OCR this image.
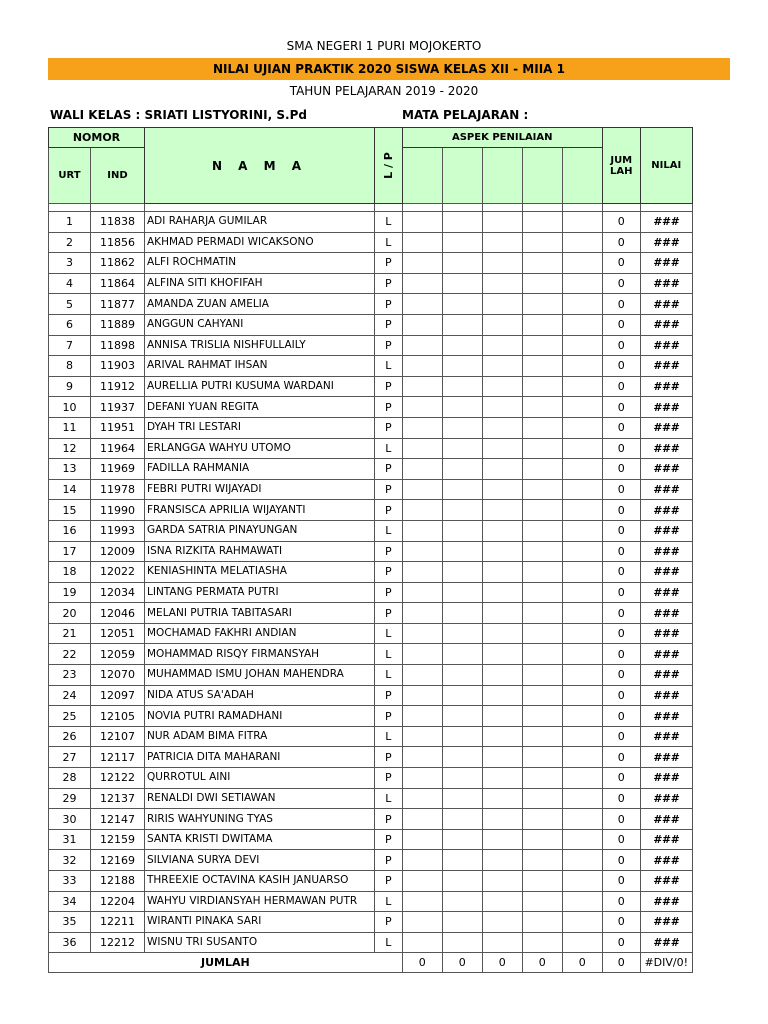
SMA NEGERI 1 PURI MOJOKERTO
NILAI UJIAN PRAKTIK 2020 SISWA KELAS XII - MIIA 1
TAHUN PELAJARAN 2019 - 2020
WALI KELAS : SRIATI LISTYORINI, S.Pd	MATA PELAJARAN :
NOMOR		N A M A	L / P	ASPEK PENILAIAN					JUM
LAH	NILAI
URT	IND									

1	11838	ADI RAHARJA GUMILAR	L						0	###
2	11856	AKHMAD PERMADI WICAKSONO	L						0	###
3	11862	ALFI ROCHMATIN	P						0	###
4	11864	ALFINA SITI KHOFIFAH	P						0	###
5	11877	AMANDA ZUAN AMELIA	P						0	###
6	11889	ANGGUN CAHYANI	P						0	###
7	11898	ANNISA TRISLIA NISHFULLAILY	P						0	###
8	11903	ARIVAL RAHMAT IHSAN	L						0	###
9	11912	AURELLIA PUTRI KUSUMA WARDANI	P						0	###
10	11937	DEFANI YUAN REGITA	P						0	###
11	11951	DYAH TRI LESTARI	P						0	###
12	11964	ERLANGGA WAHYU UTOMO	L						0	###
13	11969	FADILLA RAHMANIA	P						0	###
14	11978	FEBRI PUTRI WIJAYADI	P						0	###
15	11990	FRANSISCA APRILIA WIJAYANTI	P						0	###
16	11993	GARDA SATRIA PINAYUNGAN	L						0	###
17	12009	ISNA RIZKITA RAHMAWATI	P						0	###
18	12022	KENIASHINTA MELATIASHA	P						0	###
19	12034	LINTANG PERMATA PUTRI	P						0	###
20	12046	MELANI PUTRIA TABITASARI	P						0	###
21	12051	MOCHAMAD FAKHRI ANDIAN	L						0	###
22	12059	MOHAMMAD RISQY FIRMANSYAH	L						0	###
23	12070	MUHAMMAD ISMU JOHAN MAHENDRA	L						0	###
24	12097	NIDA ATUS SA'ADAH	P						0	###
25	12105	NOVIA PUTRI RAMADHANI	P						0	###
26	12107	NUR ADAM BIMA FITRA	L						0	###
27	12117	PATRICIA DITA MAHARANI	P						0	###
28	12122	QURROTUL AINI	P						0	###
29	12137	RENALDI DWI SETIAWAN	L						0	###
30	12147	RIRIS WAHYUNING TYAS	P						0	###
31	12159	SANTA KRISTI DWITAMA	P						0	###
32	12169	SILVIANA SURYA DEVI	P						0	###
33	12188	THREEXIE OCTAVINA KASIH JANUARSO	P						0	###
34	12204	WAHYU VIRDIANSYAH HERMAWAN PUTR	L						0	###
35	12211	WIRANTI PINAKA SARI	P						0	###
36	12212	WISNU TRI SUSANTO	L						0	###
JUMLAH				0	0	0	0	0	0	#DIV/0!
